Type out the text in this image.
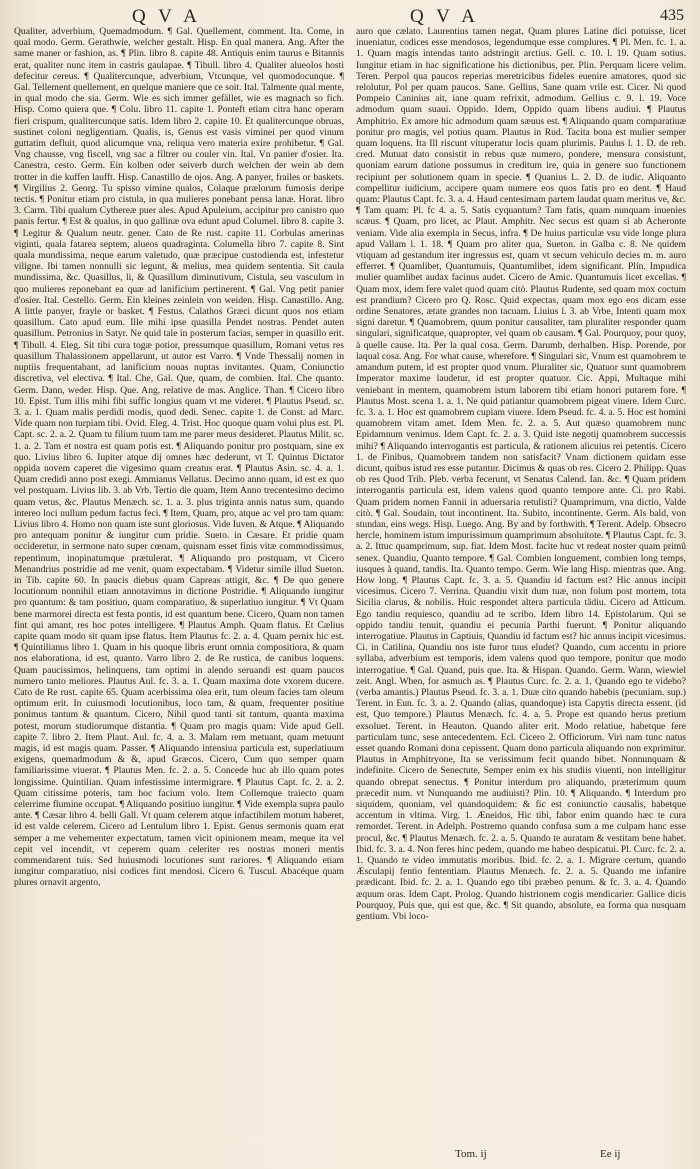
Q V A	Q V A	435

Qualiter, adverbium, Quemadmodum. ¶ Gal. Quellement, comment. Ita. Come, in qual modo. Germ. Gerathwie, welcher gestalt. Hisp. En qual manera. Ang. After the same maner or fashion, as. ¶ Plin. libro 8. capite 48. Antiquis enim taurus e Bitannis erat, qualiter nunc item in castris gaulapae. ¶ Tibull. libro 4. Qualiter alueolos hosti defecitur cereus. ¶ Qualitercunque, adverbium, Vtcunque, vel quomodocunque. ¶ Gal. Tellement quellement, en quelque maniere que ce soit. Ital. Talmente qual mente, in qual modo che sia. Germ. Wie es sich immer gefället, wie es magnach so fich. Hisp. Como quiera que. ¶ Colu. libro 11. capite 1. Ponteft etiam citra hanc operam fieri crispum, qualitercunque satis. Idem libro 2. capite 10. Et qualitercunque obruas, sustinet coloni negligentiam. Qualis, is, Genus est vasis viminei per quod vinum guttatim defluit, quod alicumque vna, reliqua vero materia exire prohibetur. ¶ Gal. Vng chausse, vng fiscell, vng sac a filtrer ou couler vin. Ital. Vn panier d'osier. Ita. Canestra, cesto. Germ. Ein kolben oder seiverb durch welchen der wein ab dem trotter in die kuffen laufft. Hisp. Canastillo de ojos. Ang. A panyer, frailes or baskets. ¶ Virgilius 2. Georg. Tu spisso vimine qualos, Colaque prælorum fumosis deripe tectis. ¶ Ponitur etiam pro cistula, in qua mulieres ponebant pensa lanæ. Horat. libro 3. Carm. Tibi qualum Cythereæ puer ales. Apud Apuleium, accipitur pro canistro quo panis fertur. ¶ Est & qualus, in quo gallinæ ova edunt apud Columel. libro 8. capite 3. ¶ Legitur & Qualum neutr. gener. Cato de Re rust. capite 11. Corbulas amerinas viginti, quala fatarea septem, alueos quadraginta. Columella libro 7. capite 8. Sint quala mundissima, neque earum valetudo, quæ præcipue custodienda est, infestetur viligne. Ibi tamen nonnulli sic legunt, & melius, mea quidem sententia. Sit caula mundissima, &c. Quasillus, li, & Quasillum diminutivum, Cistula, seu vasculum in quo mulieres reponebant ea quæ ad lanificium pertinerent. ¶ Gal. Vng petit panier d'osier. Ital. Cestello. Germ. Ein kleines zeinlein von weiden. Hisp. Canastillo. Ang. A little panyer, frayle or basket. ¶ Festus. Calathos Græci dicunt quos nos etiam quasillum. Cato apud eum. Ille mihi ipse quasilla Pendet nostras. Pendet auten quasillum. Petronius in Satyr. Ne quid tale in posterum facias, semper in quasillo erit. ¶ Tibull. 4. Eleg. Sit tibi cura togæ potior, pressumque quasillum, Romani vetus res quasillum Thalassionem appellarunt, ut autor est Varro. ¶ Vnde Thessalij nomen in nuptiis frequentabant, ad lanificium nouas nuptas invitantes. Quam, Coniunctio discretiva, vel electiva. ¶ Ital. Che, Gal. Que, quam, de combien. Ital. Che quanto. Germ. Dann, weder. Hisp. Que. Ang. relative de mas. Anglice. Than. ¶ Cicero libro 10. Epist. Tum illis mihi fibi suffic longius quam vt me videret. ¶ Plautus Pseud. sc. 3. a. 1. Quam malis perdidi modis, quod dedi. Senec. capite 1. de Const. ad Marc. Vide quam non turpiam tibi. Ovid. Eleg. 4. Trist. Hoc quoque quam volui plus est. Pl. Capt. sc. 2. a. 2. Quam tu filium tuum tam me parer meus desideret. Plautus Milit. sc. 1. a. 2. Tam et nostra est quam potis est. ¶ Aliquando ponitur pro postquam, sine ex quo. Livius libro 6. Iupiter atque dij omnes hæc dederunt, vt T. Quintus Dictator oppida novem caperet die vigesimo quam creatus erat. ¶ Plautus Asin. sc. 4. a. 1. Quam credidi anno post exegi. Ammianus Vellatus. Decimo anno quam, id est ex quo vel postquam. Livius lib. 3. ab Vrb. Tertio die quam, Item Anno trecentesimo decimo quam vetus, &c. Plautus Menæch. sc. 1. a. 3. plus triginta annis natus sum, quando intereo loci nullum pedum factus feci. ¶ Item, Quam, pro, atque ac vel pro tam quam: Livius libro 4. Homo non quam iste sunt gloriosus. Vide Iuven. & Atque. ¶ Aliquando pro antequam ponitur & iungitur cum pridie. Sueto. in Cæsare. Et pridie quam occideretur, in sermone nato super cœnam, quisnam esset finis vitæ commodissimus, repentinum, inopinatumque prætulerat. ¶ Aliquando pro postquam, vt Cicero Menandrius postridie ad me venit, quam expectabam. ¶ Videtur simile illud Sueton. in Tib. capite 60. In paucis diebus quam Capreas attigit, &c. ¶ De quo genere locutionum nonnihil etiam annotavimus in dictione Postridie. ¶ Aliquando iungitur pro quantum: & tam positiuo, quam comparatiuo, & superlatiuo iungitur. ¶ Vt Quam bene marmorei directa est festa pontis, id est quantum bene. Cicero, Quam non tamen fint qui amant, res hoc potes intelligere. ¶ Plautus Amph. Quam flatus. Et Cælius capite quam modo sit quam ipse flatus. Item Plautus fc. 2. a. 4. Quam pernix hic est. ¶ Quintilianus libro 1. Quam in his quoque libris erunt omnia compositiora, & quam nos elaborationa, id est, quanto. Varro libro 2. de Re rustica, de canibus loquens. Quam paucissimos, helinquens, tam optimi in alendo seruandi est quam paucos numero tanto meliores. Plautus Aul. fc. 3. a. 1. Quam maxima dote vxorem ducere. Cato de Re rust. capite 65. Quam acerbissima olea erit, tum oleum facies tam oleum optimum erit. In cuiusmodi locutionibus, loco tam, & quam, frequenter positiue ponimus tantum & quantum. Cicero, Nihil quod tanti sit tantum, quanta maxima potest, morum studiorumque distantia. ¶ Quam pro magis quam: Vide apud Gell. capite 7. libro 2. Item Plaut. Aul. fc. 4. a. 3. Malam rem metuant, quam metuunt magis, id est magis quam. Passer. ¶ Aliquando intensiua particula est, superlatiuum exigens, quemadmodum & &, apud Græcos. Cicero, Cum quo semper quam familiarissime viuerat. ¶ Plautus Men. fc. 2. a. 5. Concede huc ab illo quam potes longissime. Quintilian. Quam infestissime intermigrare. ¶ Plautus Capt. fc. 2. a. 2. Quam citissime poteris, tam hoc facium volo. Item Collemque traiecto quam celerrime flumine occupat. ¶ Aliquando positiuo iungitur. ¶ Vide exempla supra paulo ante. ¶ Cæsar libro 4. belli Gall. Vt quam celerem atque infactibilem motum haberet, id est valde celerem. Cicero ad Lentulum libro 1. Epist. Genus sermonis quam erat semper a me vehementer expectatum, tamen vicit opinionem meam, meque ita vel cepit vel incendit, vt ceperem quam celeriter res nostras moneri mentis commendarent tuis. Sed huiusmodi locutiones sunt rariores. ¶ Aliquando etiam iungitur comparatiuo, nisi codices fint mendosi. Cicero 6. Tuscul. Abacéque quam plures ornavit argento,

auro que cælato. Laurentius tamen negat, Quam plures Latine dici potuisse, licet inueniatur, codices esse mendosos, legendumque esse complures. ¶ Pl. Men. fc. 1. a. 1. Quam magis intendas tanto adstringit arctius. Gell. c. 10. l. 19. Quam sotius. Iungitur etiam in hac significatione his dictionibus, per. Plin. Perquam licere velim. Teren. Perpol qua paucos reperias meretricibus fideles euenire amatores, quod sic relolutur, Pol per quam paucos. Sane. Gellius, Sane quam vrile est. Cicer. Ni quod Pompeio Caninius ait, iane quam refrixit, admodum. Gellius c. 9. l. 19. Voce admodum quam suaui. Oppido. Idem, Oppido quam libens audiui. ¶ Plautus Amphitrio. Ex amore hic admodum quam sæuus est. ¶ Aliquando quam comparatiuæ ponitur pro magis, vel potius quam. Plautus in Rud. Tacita bona est mulier semper quam loquens. Ita Ill riscunt vituperatur locis quam plurimis. Paulus l. 1. D. de reb. cred. Mutuat dato consistit in rebus quæ numero, pondere, mensura consistunt, quoniam earum datione possumus in creditum ire, quia in genere suo functionem recipiunt per solutionem quam in specie. ¶ Quanius L. 2. D. de iudic. Aliquanto compellitur iudicium, accipere quam numere eos quos fatis pro eo dent. ¶ Haud quam: Plautus Capt. fc. 3. a. 4. Haud centesimam partem laudat quam meritus ve, &c. ¶ Tam quam: Pl. fc 4. a. 5. Satis cyquantum? Tam fatis, quam nunquam inuenies scæus. ¶ Quam, pro licet, ac Plaut. Amphitr. Nec secus est quam si ab Acheronte veniam. Vide alia exempla in Secus, infra. ¶ De huius particulæ vsu vide longe plura apud Vallam l. 1. 18. ¶ Quam pro aliter qua, Sueton. in Galba c. 8. Ne quidem vtiquam ad gestandum iter ingressus est, quam vt secum vehiculo decies m. m. auro efferret. ¶ Quamlibet, Quantumuis, Quantumlibet, idem significant. Plin. Impudica mulier quamlibet audax facinus audet. Cicero de Amic. Quantumuis licet excellas. ¶ Quam mox, idem fere valet quod quam citò. Plautus Rudente, sed quam mox coctum est prandium? Cicero pro Q. Rosc. Quid expectas, quam mox ego eos dicam esse ordine Senatores, ætate grandes non tacuam. Liuius l. 3. ab Vrbe, Intenti quam mox signi daretur. ¶ Quamobrem, quum ponitur causaliter, tam pluraliter responder quam singulari, significatque, quapropter, vel quam ob causam. ¶ Gal. Pourquoy, pour quoy, à quelle cause. Ita. Per la qual cosa. Germ. Darumb, derhalben. Hisp. Porende, por laqual cosa. Ang. For what cause, wherefore. ¶ Singulari sic, Vnum est quamobrem te amandum putem, id est propter quod vnum. Pluraliter sic, Quatuor sunt quamobrem Imperator maxime laudetur, id est propter quatuor. Cic. Appi, Multaque mihi veniebant in mentem, quamobrem istum laborem tibi etiam honori putarem fore. ¶ Plautus Most. scena 1. a. 1. Ne quid patiantur quamobrem pigeat viuere. Idem Curc. fc. 3. a. 1. Hoc est quamobrem cupiam viuere. Idem Pseud. fc. 4. a. 5. Hoc est homini quamobrem vitam amet. Idem Men. fc. 2. a. 5. Aut quæso quamobrem nunc Epidamnum venimus. Idem Capt. fc. 2. a. 3. Quid iste negotij quamobrem successis mihi? ¶ Aliquando interrogantis est particula, & rationem alicuius rei petentis. Cicero 1. de Finibus, Quamobrem tandem non satisfacit? Vnam dictionem quidam esse dicunt, quibus istud res esse putantur. Dicimus & quas ob res. Cicero 2. Philipp. Quas ob res Quod Trib. Pleb. verba fecerunt, vt Senatus Calend. Ian. &c. ¶ Quam pridem interrogantis particula est, idem valens quod quanto tempore ante. Ci. pro Rabi. Quam pridem nomen Fannii in aduersaria retulisti? Quamprimum, vna dictio, Valde citò. ¶ Gal. Soudain, tout incontinent. Ita. Subito, incontinente. Germ. Als bald, von stundan, eins wegs. Hisp. Luego. Ang. By and by forthwith. ¶ Terent. Adelp. Obsecro hercle, hominem istum impurissimum quamprimum absoluitote. ¶ Plautus Capt. fc. 3. a. 2. Ittuc quamprimum, sup. fiat. Idem Most. facite huc vt redeat noster quam primû senex. Quandiu, Quanto tempore. ¶ Gal. Combien longuement, combien long temps, iusques à quand, tandis. Ita. Quanto tempo. Germ. Wie lang Hisp. mientras que. Ang. How long. ¶ Plautus Capt. fc. 3. a. 5. Quandiu id factum est? Hic annus incipit vicesimus. Cicero 7. Verrina. Quandiu vixit dum tuæ, non folum post mortem, tota Sicilia clarus, & nobilis. Huic respondet altera particula tâdiu. Cicero ad Atticum. Ego tandiu requiesco, quandiu ad te scribo. Idem libro 14. Epistolarum. Qui se oppido tandiu tenuit, quandiu ei pecunia Parthi fuerunt. ¶ Ponitur aliquando interrogatiue. Plautus in Captiuis, Quandiu id factum est? hic annus incipit vicesimus. Ci. in Catilina, Quandiu nos iste furor tuus eludet? Quando, cum accentu in priore syllaba, adverbium est temporis, idem valens quod quo tempore, ponitur que modo interrogatiue. ¶ Gal. Quand, puis que. Ita. & Hispan. Quando. Germ. Wann, wiewiel zeit. Angl. When, for asmuch as. ¶ Plautus Curc. fc. 2. a. 1. Quando ego te videbo? (verba amantis.) Plautus Pseud. fc. 3. a. 1. Duæ cito quando habebis (pecuniam. sup.) Terent. in Eun. fc. 3. a. 2. Quando (alias, quandoque) ista Capytis directa essent. (id est, Quo tempore.) Plautus Menæch. fc. 4. a. 5. Prope est quando herus pretium exsoluet. Terent. in Heauton. Quando aliter erit. Modo relatiue, habetque fere particulam tunc, sese antecedentem. Ecl. Cicero 2. Officiorum. Viri nam tunc natus esset quando Romani dona cepissent. Quam dono particula aliquando non exprimitur. Plautus in Amphitryone, Ita se verissimum fecit quando bibet. Nonnunquam & indefinite. Cicero de Senectute, Semper enim ex his studiis viuenti, non intelligitur quando obrepat senectus. ¶ Ponitur interdum pro aliquando, præterimum quum præcedit num. vt Nunquando me audiuisti? Plin. 10. ¶ Aliquando. ¶ Interdum pro siquidem, quoniam, vel quandoquidem: & fic est coniunctio causalis, habetque accentum in vltima. Virg. 1. Æneidos, Hic tibi, fabor enim quando hæc te cura remordet. Terent. in Adelph. Postremo quando confusa sum a me culpam hanc esse procul, &c. ¶ Plautus Menæch. fc. 2. a. 5. Quando te auratam & vestitam bene habet. Ibid. fc. 3. a. 4. Non feres hinc pedem, quando me habeo despicatui. Pl. Curc. fc. 2. a. 1. Quando te video immutatis moribus. Ibid. fc. 2. a. 1. Migrare certum, quando Æsculapij fentio fententiam. Plautus Menæch. fc. 2. a. 5. Quando me infanire prædicant. Ibid. fc. 2. a. 1. Quando ego tibi præbeo penum. & fc. 3. a. 4. Quando æquum oras. Idem Capt. Prolog. Quando histrionem cogis mendicarier. Gallice dicis Pourquoy, Puis que, qui est que, &c. ¶ Sit quando, absolute, ea forma qua nusquam gentium. Vbi loco-

Tom. ij	Ee ij
